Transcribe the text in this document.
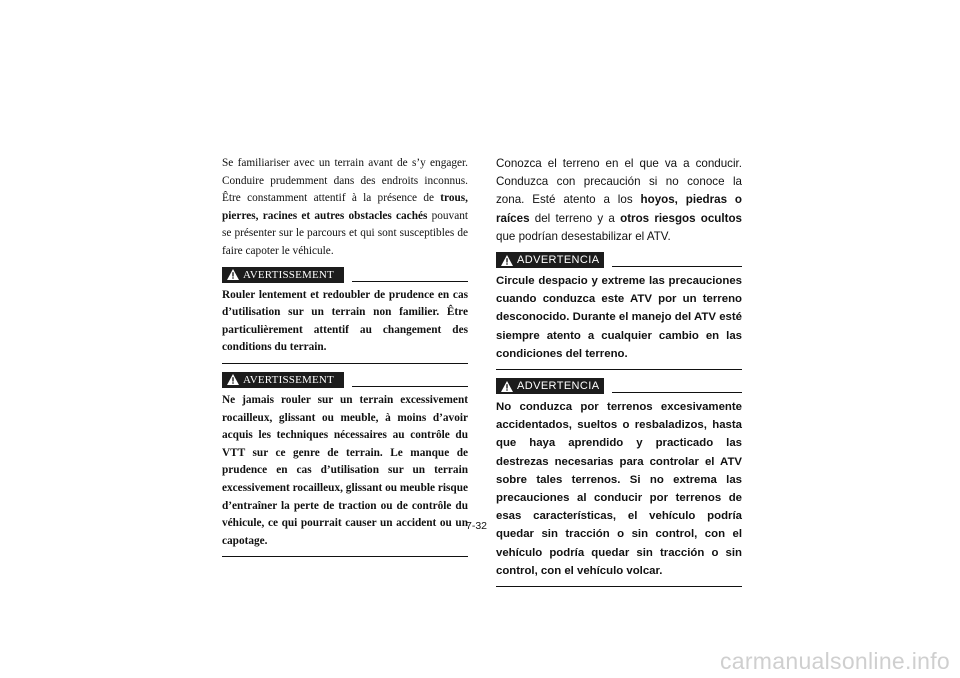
Se familiariser avec un terrain avant de s’y engager. Conduire prudemment dans des endroits inconnus. Être constamment attentif à la présence de trous, pierres, racines et autres obstacles cachés pouvant se présenter sur le parcours et qui sont susceptibles de faire capoter le véhicule.

AVERTISSEMENT

Rouler lentement et redoubler de prudence en cas d’utilisation sur un terrain non familier. Être particulièrement attentif au changement des conditions du terrain.

AVERTISSEMENT

Ne jamais rouler sur un terrain excessivement rocailleux, glissant ou meuble, à moins d’avoir acquis les techniques nécessaires au contrôle du VTT sur ce genre de terrain. Le manque de prudence en cas d’utilisation sur un terrain excessivement rocailleux, glissant ou meuble risque d’entraîner la perte de traction ou de contrôle du véhicule, ce qui pourrait causer un accident ou un capotage.

Conozca el terreno en el que va a conducir. Conduzca con precaución si no conoce la zona. Esté atento a los hoyos, piedras o raíces del terreno y a otros riesgos ocultos que podrían desestabilizar el ATV.

ADVERTENCIA

Circule despacio y extreme las precauciones cuando conduzca este ATV por un terreno desconocido. Durante el manejo del ATV esté siempre atento a cualquier cambio en las condiciones del terreno.

ADVERTENCIA

No conduzca por terrenos excesivamente accidentados, sueltos o resbaladizos, hasta que haya aprendido y practicado las destrezas necesarias para controlar el ATV sobre tales terrenos. Si no extrema las precauciones al conducir por terrenos de esas características, el vehículo podría quedar sin tracción o sin control, con el vehículo podría quedar sin tracción o sin control, con el vehículo volcar.

7-32
carmanualsonline.info
